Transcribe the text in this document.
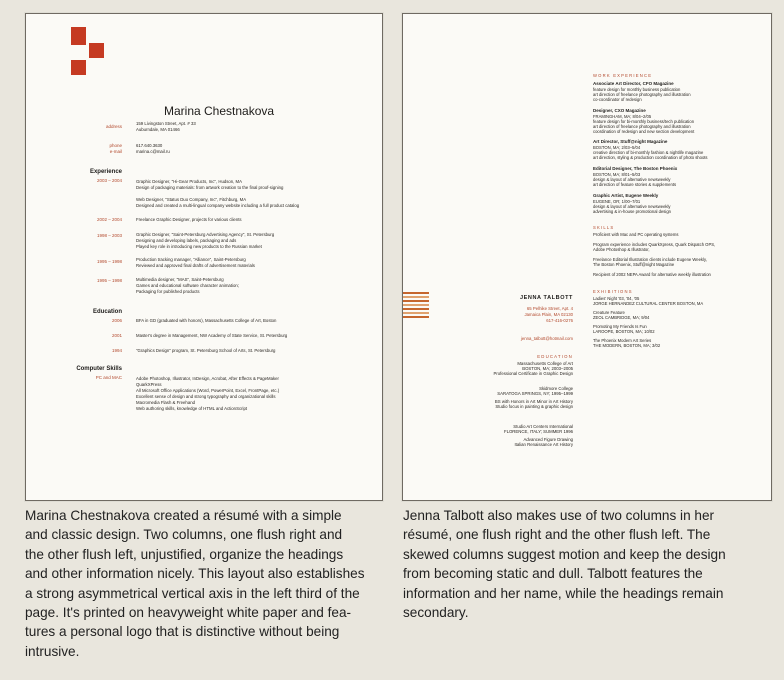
Marina Chestnakova
address
159 Livingston Street, Apt. # 33
Auburndale, MA 01466
phone	617.640.3630
e-mail	marina.c@mail.ru
Experience
2003 – 2004	Graphic Designer, "Hi-Gear Products, Inc", Hudson, MA
Design of packaging materials: from artwork creation to the final proof-signing
Web Designer, "Status Duo Company, Inc", Fitchburg, MA
Designed and created a multi-lingual company website including a full product catalog
2002 – 2004	Freelance Graphic Designer, projects for various clients
1998 – 2003	Graphic Designer, "Saint-Petersburg Advertising Agency", St. Petersburg
Designing and developing labels, packaging and ads
Played key role in introducing new products to the Russian market
1995 – 1998	Production tracking manager, "Alliance", Saint-Petersburg
Reviewed and approved final drafts of advertisement materials
1995 – 1998	Multimedia designer, "MAS", Saint-Petersburg
Games and educational software character animation;
Packaging for published products
Education
2006	BFA in GD (graduated with honors), Massachusetts College of Art, Boston
2001	Master's degree in Management, NW Academy of State Service, St. Petersburg
1994	"Graphics Design" program, St. Petersburg School of Arts, St. Petersburg
Computer Skills
PC and MAC	Adobe Photoshop, Illustrator, InDesign, Acrobat, After Effects & PageMaker
QuarkXPress
All Microsoft Office Applications (Word, PowerPoint, Excel, FrontPage, etc.)
Excellent sense of design and strong typography and organizational skills
Macromedia Flash & Freehand
Web authoring skills, knowledge of HTML and ActionScript
WORK EXPERIENCE
Associate Art Director, CFO Magazine
feature design for monthly business publication
art direction of freelance photography and illustration
co-coordinator of redesign
Designer, CXO Magazine
FRAMINGHAM, MA; 8/04–2/05
feature design for bi-monthly business/tech publication
art direction of freelance photography and illustration
coordination of redesign and new section development
Art Director, Stuff@night Magazine
BOSTON, MA; 2/03–5/04
creative direction of bi-monthly fashion & nightlife magazine
art direction, styling & production coordination of photo shoots
Editorial Designer, The Boston Phoenix
BOSTON, MA; 8/01–5/03
design & layout of alternative newsweekly
art direction of feature stories & supplements
Graphic Artist, Eugene Weekly
EUGENE, OR; 1/00–7/01
design & layout of alternative newsweekly
advertising & in-house promotional design
SKILLS
Proficient with Mac and PC operating systems
Program experience includes QuarkXpress, Quark Dispatch OPS,
Adobe Photoshop & Illustrator,
Freelance Editorial Illustration clients include Eugene Weekly,
The Boston Phoenix, Stuff@night Magazine
Recipient of 2002 NEPA Award for alternative weekly illustration
EXHIBITIONS
Ladies' Night '03, '04, '05
JORGE HERNANDEZ CULTURAL CENTER BOSTON, MA
Creature Feature
ZEOL CAMBRIDGE, MA; 9/04
Promoting My Friends Is Fun
LAROOPE, BOSTON, MA; 10/02
The Phoenix Modern Art Series
THE MODERN, BOSTON, MA; 3/02
JENNA TALBOTT
65 Pelhike Street, Apt. 4
Jamaica Plain, MA 02130
617-416-0276
jenna_talbott@hotmail.com
EDUCATION
Massachusetts College of Art
BOSTON, MA; 2003–2005
Professional Certificate in Graphic Design
Skidmore College
SARATOGA SPRINGS, NY; 1995–1999
BS with Honors in Art Minor in Art History
Studio focus in painting & graphic design
Studio Art Centers International
FLORENCE, ITALY; SUMMER 1996
Advanced Figure Drawing
Italian Renaissance Art History
Marina Chestnakova created a résumé with a simple
and classic design. Two columns, one flush right and
the other flush left, unjustified, organize the headings
and other information nicely. This layout also establishes
a strong asymmetrical vertical axis in the left third of the
page. It's printed on heavyweight white paper and fea-
tures a personal logo that is distinctive without being
intrusive.
Jenna Talbott also makes use of two columns in her
résumé, one flush right and the other flush left. The
skewed columns suggest motion and keep the design
from becoming static and dull. Talbott features the
information and her name, while the headings remain
secondary.
